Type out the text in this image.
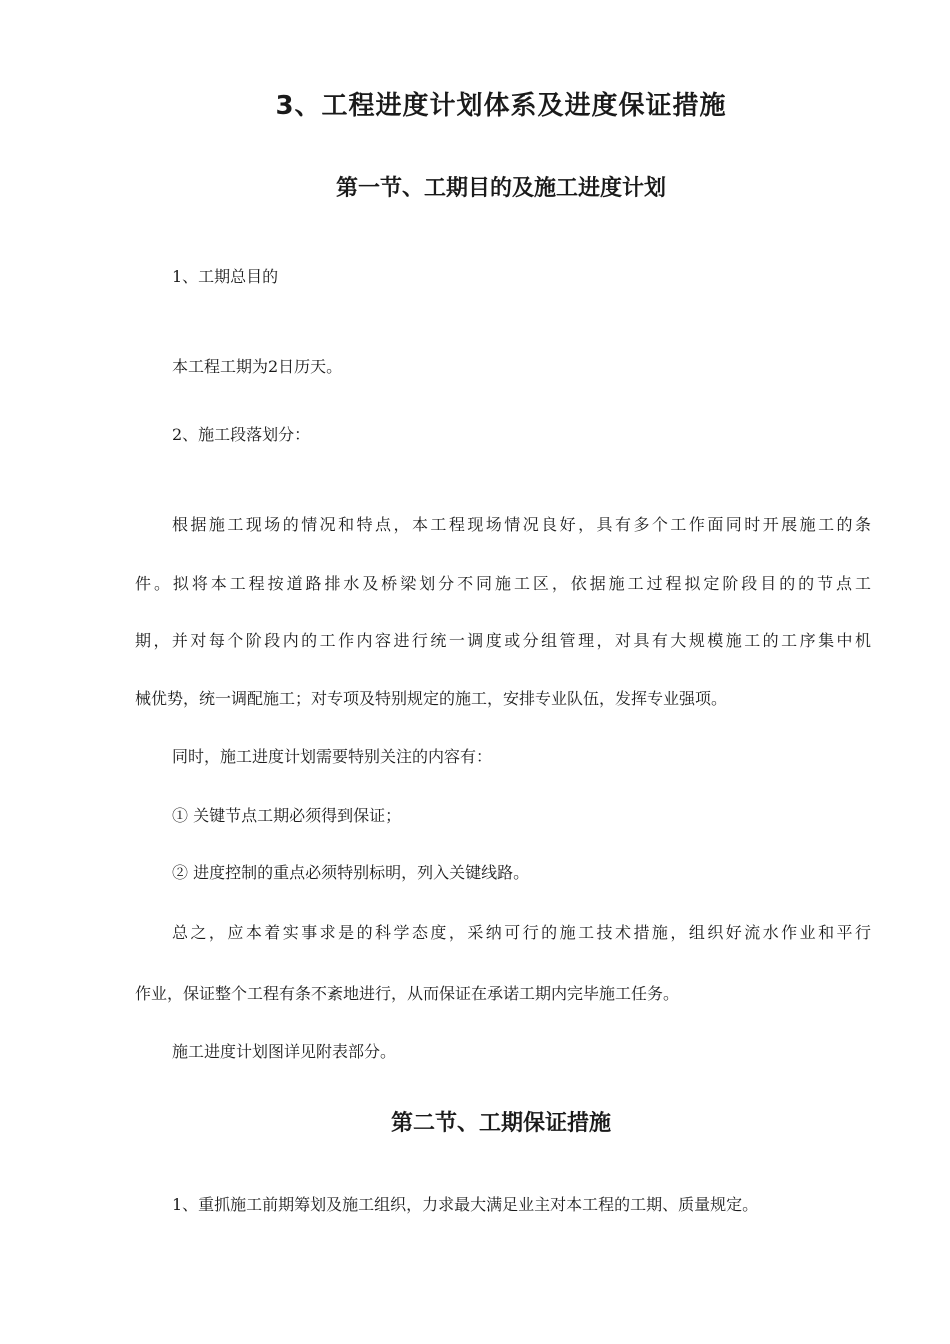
3、工程进度计划体系及进度保证措施
第一节、工期目的及施工进度计划

1、工期总目的

本工程工期为2日历天。

2、施工段落划分：

根据施工现场的情况和特点，本工程现场情况良好，具有多个工作面同时开展施工的条

件。拟将本工程按道路排水及桥梁划分不同施工区，依据施工过程拟定阶段目的的节点工

期，并对每个阶段内的工作内容进行统一调度或分组管理，对具有大规模施工的工序集中机

械优势，统一调配施工；对专项及特别规定的施工，安排专业队伍，发挥专业强项。

同时，施工进度计划需要特别关注的内容有：

① 关键节点工期必须得到保证；

② 进度控制的重点必须特别标明，列入关键线路。

总之，应本着实事求是的科学态度，采纳可行的施工技术措施，组织好流水作业和平行

作业，保证整个工程有条不紊地进行，从而保证在承诺工期内完毕施工任务。

施工进度计划图详见附表部分。

第二节、工期保证措施

1、重抓施工前期筹划及施工组织，力求最大满足业主对本工程的工期、质量规定。
